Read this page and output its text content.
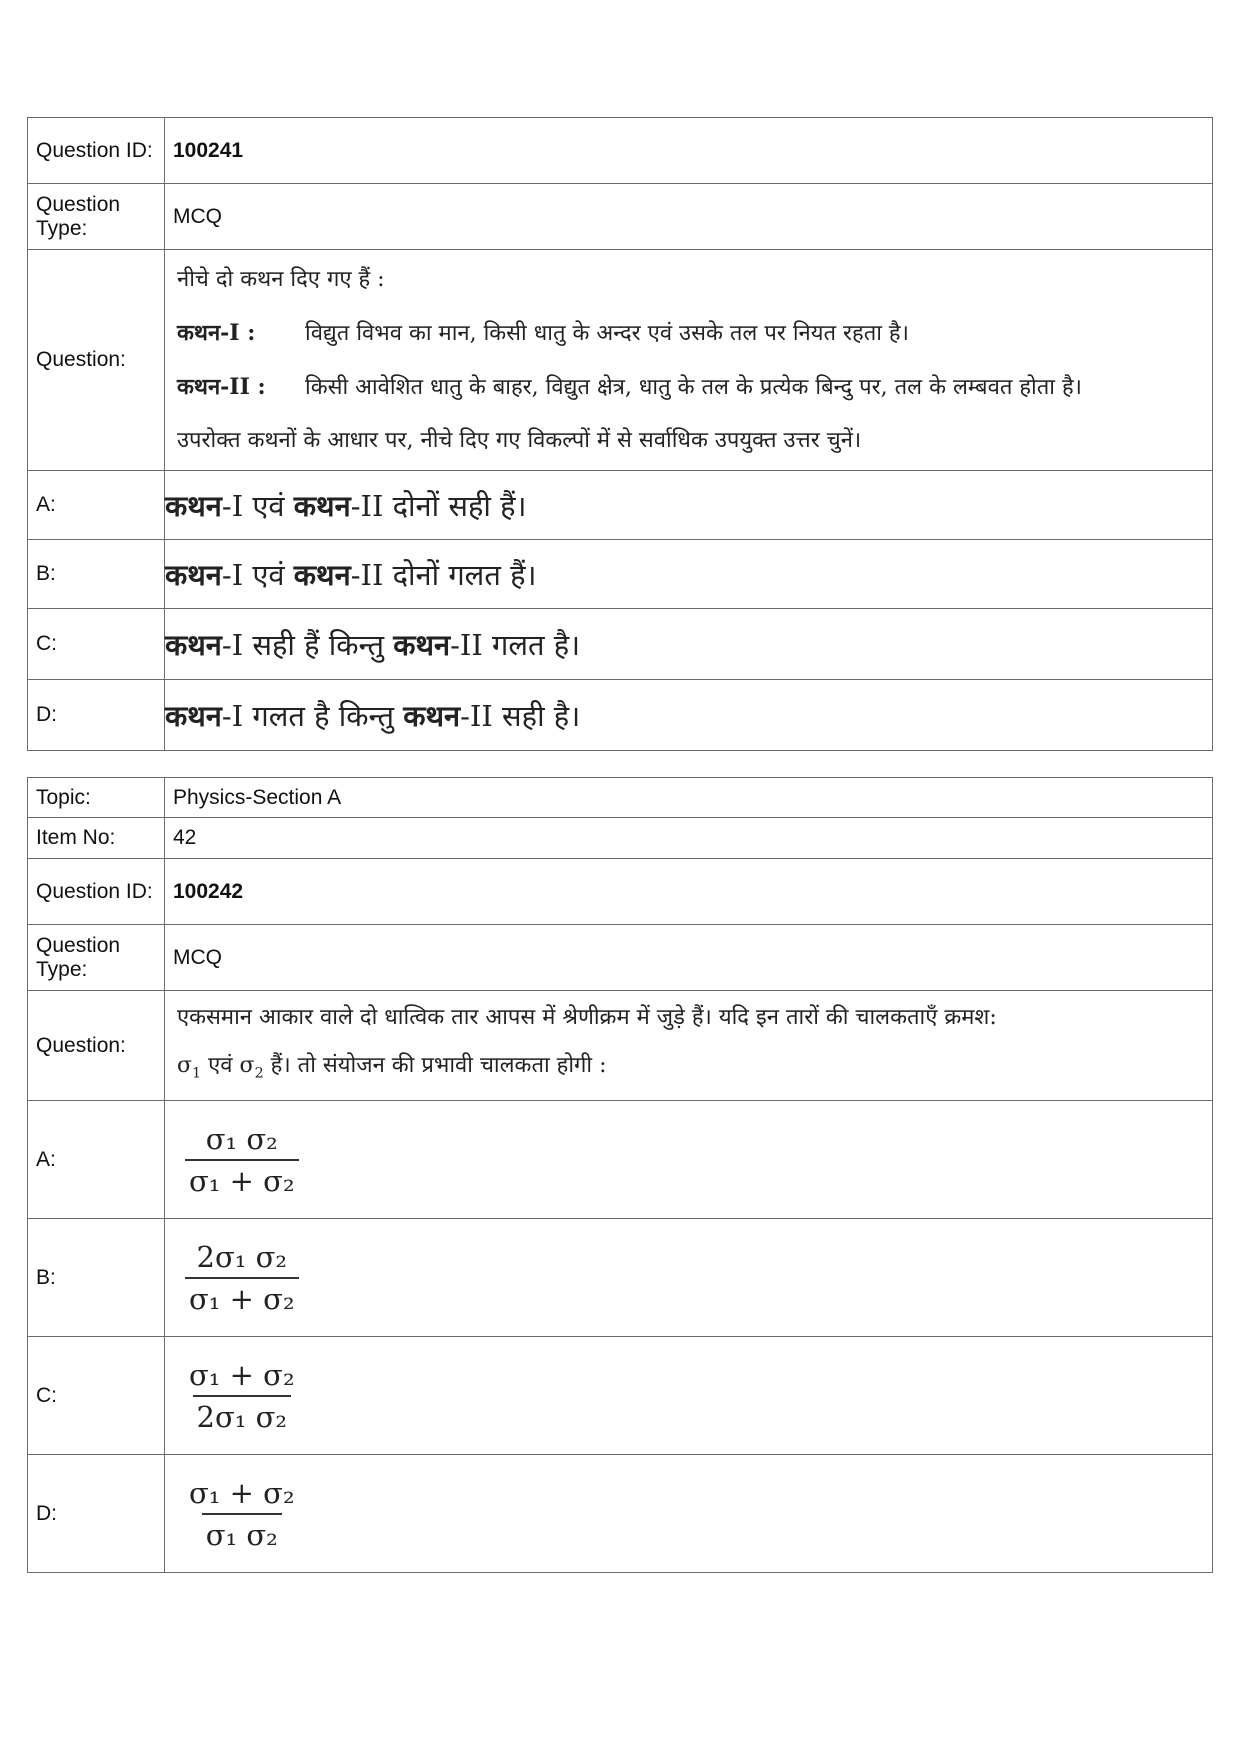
Question ID:	100241
Question Type:	MCQ
Question:	नीचे दो कथन दिए गए हैं :
कथन-I : विद्युत विभव का मान, किसी धातु के अन्दर एवं उसके तल पर नियत रहता है।
कथन-II : किसी आवेशित धातु के बाहर, विद्युत क्षेत्र, धातु के तल के प्रत्येक बिन्दु पर, तल के लम्बवत होता है।
उपरोक्त कथनों के आधार पर, नीचे दिए गए विकल्पों में से सर्वाधिक उपयुक्त उत्तर चुनें।

A:	कथन-I एवं कथन-II दोनों सही हैं।
B:	कथन-I एवं कथन-II दोनों गलत हैं।
C:	कथन-I सही हैं किन्तु कथन-II गलत है।
D:	कथन-I गलत है किन्तु कथन-II सही है।
Topic:	Physics-Section A
Item No:	42
Question ID:	100242
Question Type:	MCQ
Question:	एकसमान आकार वाले दो धात्विक तार आपस में श्रेणीक्रम में जुड़े हैं। यदि इन तारों की चालकताएँ क्रमश:
$\sigma_1$ एवं $\sigma_2$ हैं। तो संयोजन की प्रभावी चालकता होगी :

A:	$\frac{\text{σ₁ σ₂}}{\text{σ₁ + σ₂}}$

B:	$\frac{\text{2σ₁ σ₂}}{\text{σ₁ + σ₂}}$

C:	$\frac{\text{σ₁ + σ₂}}{\text{2σ₁ σ₂}}$

D:	$\frac{\text{σ₁ + σ₂}}{\text{σ₁ σ₂}}$
